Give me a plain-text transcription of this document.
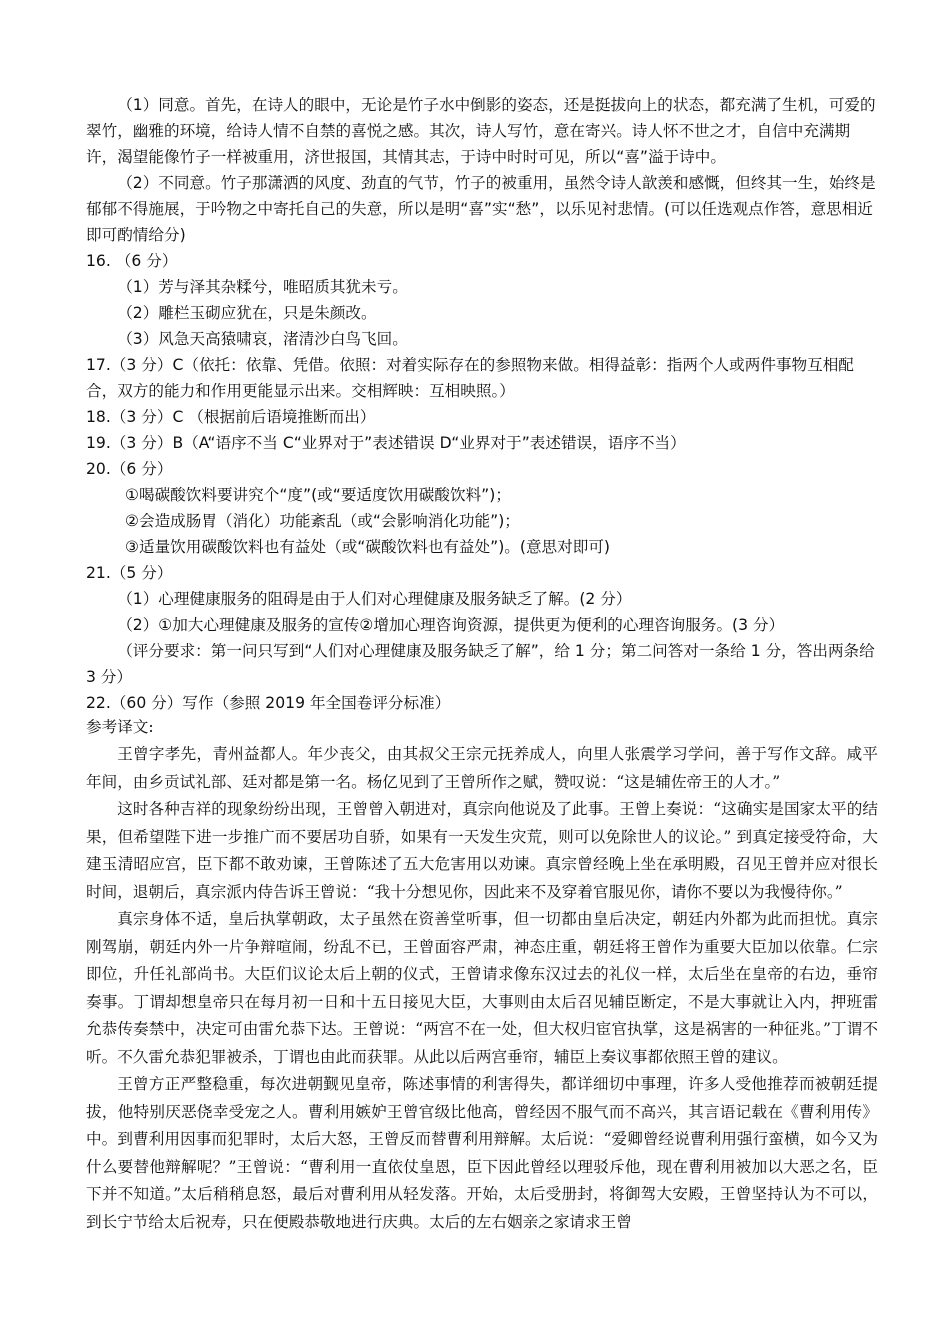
（1）同意。首先，在诗人的眼中，无论是竹子水中倒影的姿态，还是挺拔向上的状态，都充满了生机，可爱的翠竹，幽雅的环境，给诗人情不自禁的喜悦之感。其次，诗人写竹，意在寄兴。诗人怀不世之才，自信中充满期许，渴望能像竹子一样被重用，济世报国，其情其志，于诗中时时可见，所以“喜”溢于诗中。

（2）不同意。竹子那潇洒的风度、劲直的气节，竹子的被重用，虽然令诗人歆羡和感慨，但终其一生，始终是郁郁不得施展，于吟物之中寄托自己的失意，所以是明“喜”实“愁”，以乐见衬悲情。(可以任选观点作答，意思相近即可酌情给分)

16. （6 分）

（1）芳与泽其杂糅兮，唯昭质其犹未亏。

（2）雕栏玉砌应犹在，只是朱颜改。

（3）风急天高猿啸哀，渚清沙白鸟飞回。

17.（3 分）C（依托：依靠、凭借。依照：对着实际存在的参照物来做。相得益彰：指两个人或两件事物互相配合，双方的能力和作用更能显示出来。交相辉映：互相映照。）

18.（3 分）C （根据前后语境推断而出）

19.（3 分）B（A“语序不当 C“业界对于”表述错误 D“业界对于”表述错误，语序不当）

20.（6 分）

①喝碳酸饮料要讲究个“度”(或“要适度饮用碳酸饮料”)；

②会造成肠胃（消化）功能紊乱（或“会影响消化功能”)；

③适量饮用碳酸饮料也有益处（或“碳酸饮料也有益处”)。(意思对即可)

21.（5 分）

（1）心理健康服务的阻碍是由于人们对心理健康及服务缺乏了解。(2 分）

（2）①加大心理健康及服务的宣传②增加心理咨询资源，提供更为便利的心理咨询服务。(3 分）

（评分要求：第一问只写到“人们对心理健康及服务缺乏了解”，给 1 分；第二问答对一条给 1 分，答出两条给 3 分）

22.（60 分）写作（参照 2019 年全国卷评分标准）

参考译文:

王曾字孝先，青州益都人。年少丧父，由其叔父王宗元抚养成人，向里人张震学习学问，善于写作文辞。咸平年间，由乡贡试礼部、廷对都是第一名。杨亿见到了王曾所作之赋，赞叹说：“这是辅佐帝王的人才。”

这时各种吉祥的现象纷纷出现，王曾曾入朝进对，真宗向他说及了此事。王曾上奏说：“这确实是国家太平的结果，但希望陛下进一步推广而不要居功自骄，如果有一天发生灾荒，则可以免除世人的议论。” 到真定接受符命，大建玉清昭应宫，臣下都不敢劝谏，王曾陈述了五大危害用以劝谏。真宗曾经晚上坐在承明殿，召见王曾并应对很长时间，退朝后，真宗派内侍告诉王曾说：“我十分想见你，因此来不及穿着官服见你，请你不要以为我慢待你。”

真宗身体不适，皇后执掌朝政，太子虽然在资善堂听事，但一切都由皇后决定，朝廷内外都为此而担忧。真宗刚驾崩，朝廷内外一片争辩喧闹，纷乱不已，王曾面容严肃，神态庄重，朝廷将王曾作为重要大臣加以依靠。仁宗即位，升任礼部尚书。大臣们议论太后上朝的仪式，王曾请求像东汉过去的礼仪一样，太后坐在皇帝的右边，垂帘奏事。丁谓却想皇帝只在每月初一日和十五日接见大臣，大事则由太后召见辅臣断定，不是大事就让入内，押班雷允恭传奏禁中，决定可由雷允恭下达。王曾说：“两宫不在一处，但大权归宦官执掌，这是祸害的一种征兆。”丁谓不听。不久雷允恭犯罪被杀，丁谓也由此而获罪。从此以后两宫垂帘，辅臣上奏议事都依照王曾的建议。

王曾方正严整稳重，每次进朝觐见皇帝，陈述事情的利害得失，都详细切中事理，许多人受他推荐而被朝廷提拔，他特别厌恶侥幸受宠之人。曹利用嫉妒王曾官级比他高，曾经因不服气而不高兴，其言语记载在《曹利用传》中。到曹利用因事而犯罪时，太后大怒，王曾反而替曹利用辩解。太后说：“爱卿曾经说曹利用强行蛮横，如今又为什么要替他辩解呢？”王曾说：“曹利用一直依仗皇恩，臣下因此曾经以理驳斥他，现在曹利用被加以大恶之名，臣下并不知道。”太后稍稍息怒，最后对曹利用从轻发落。开始，太后受册封，将御驾大安殿，王曾坚持认为不可以，到长宁节给太后祝寿，只在便殿恭敬地进行庆典。太后的左右姻亲之家请求王曾
